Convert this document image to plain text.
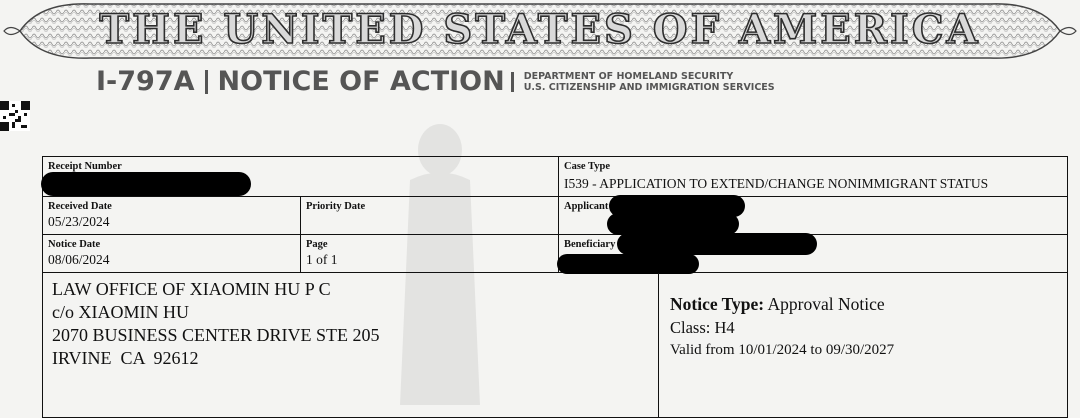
THE UNITED STATES OF AMERICA
I-797A NOTICE OF ACTION DEPARTMENT OF HOMELAND SECURITY
U.S. CITIZENSHIP AND IMMIGRATION SERVICES
Receipt Number	Case Type
I539 - APPLICATION TO EXTEND/CHANGE NONIMMIGRANT STATUS
Received Date
05/23/2024
Priority Date	Applicant
Notice Date
08/06/2024
Page
1 of 1
Beneficiary
LAW OFFICE OF XIAOMIN HU P C
c/o XIAOMIN HU
2070 BUSINESS CENTER DRIVE STE 205
IRVINE  CA  92612
Notice Type: Approval Notice
Class: H4
Valid from 10/01/2024 to 09/30/2027
